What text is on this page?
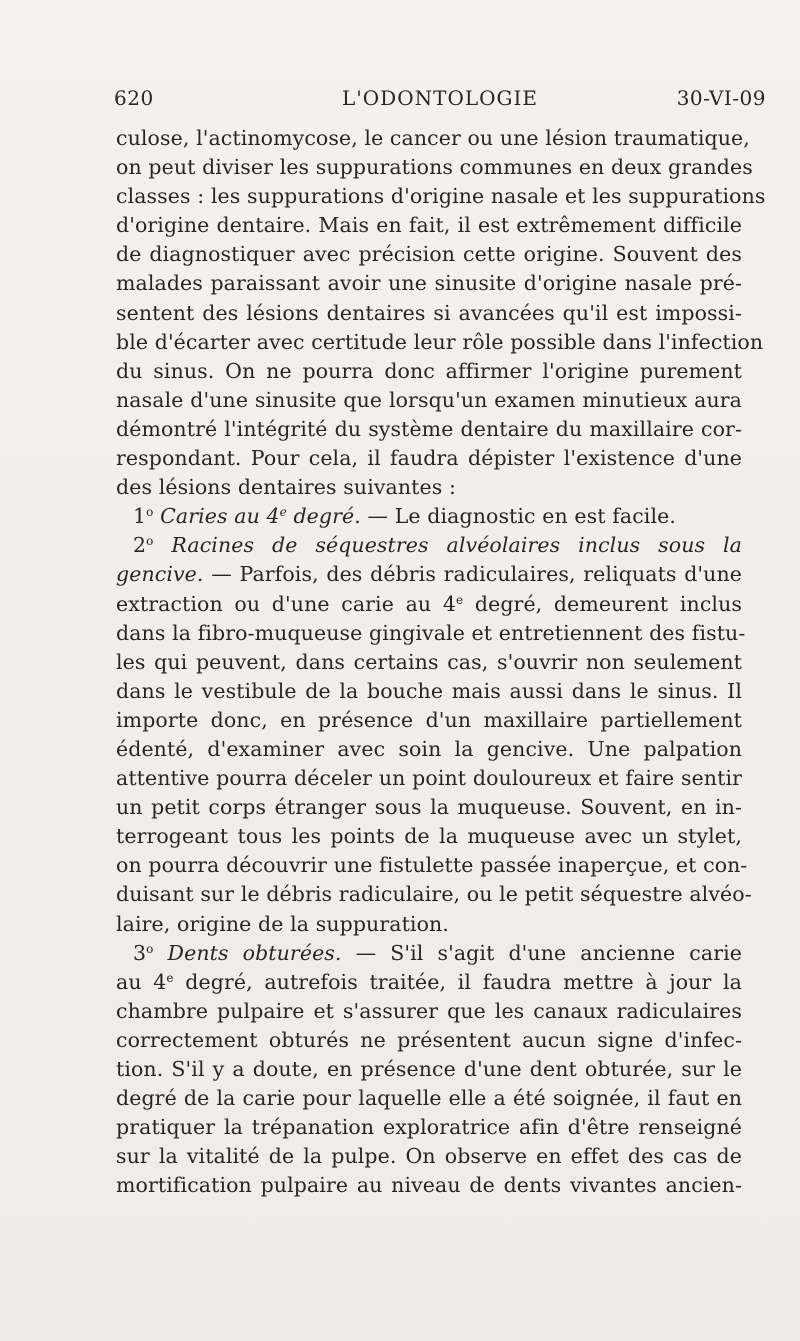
620	L'ODONTOLOGIE	30-VI-09
culose, l'actinomycose, le cancer ou une lésion traumatique,
on peut diviser les suppurations communes en deux grandes
classes : les suppurations d'origine nasale et les suppurations
d'origine dentaire. Mais en fait, il est extrêmement difficile
de diagnostiquer avec précision cette origine. Souvent des
malades paraissant avoir une sinusite d'origine nasale pré-
sentent des lésions dentaires si avancées qu'il est impossi-
ble d'écarter avec certitude leur rôle possible dans l'infection
du sinus. On ne pourra donc affirmer l'origine purement
nasale d'une sinusite que lorsqu'un examen minutieux aura
démontré l'intégrité du système dentaire du maxillaire cor-
respondant. Pour cela, il faudra dépister l'existence d'une
des lésions dentaires suivantes :
1$^o$ Caries au 4e degré. — Le diagnostic en est facile.
2$^o$ Racines de séquestres alvéolaires inclus sous la
gencive. — Parfois, des débris radiculaires, reliquats d'une
extraction ou d'une carie au 4e degré, demeurent inclus
dans la fibro-muqueuse gingivale et entretiennent des fistu-
les qui peuvent, dans certains cas, s'ouvrir non seulement
dans le vestibule de la bouche mais aussi dans le sinus. Il
importe donc, en présence d'un maxillaire partiellement
édenté, d'examiner avec soin la gencive. Une palpation
attentive pourra déceler un point douloureux et faire sentir
un petit corps étranger sous la muqueuse. Souvent, en in-
terrogeant tous les points de la muqueuse avec un stylet,
on pourra découvrir une fistulette passée inaperçue, et con-
duisant sur le débris radiculaire, ou le petit séquestre alvéo-
laire, origine de la suppuration.
3$^o$ Dents obturées. — S'il s'agit d'une ancienne carie
au 4e degré, autrefois traitée, il faudra mettre à jour la
chambre pulpaire et s'assurer que les canaux radiculaires
correctement obturés ne présentent aucun signe d'infec-
tion. S'il y a doute, en présence d'une dent obturée, sur le
degré de la carie pour laquelle elle a été soignée, il faut en
pratiquer la trépanation exploratrice afin d'être renseigné
sur la vitalité de la pulpe. On observe en effet des cas de
mortification pulpaire au niveau de dents vivantes ancien-
